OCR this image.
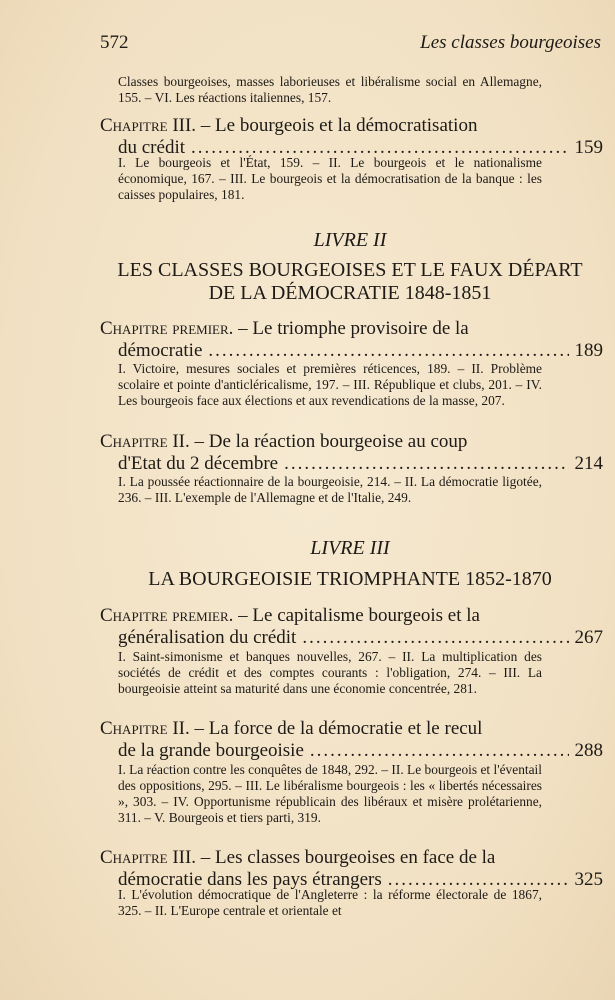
572	Les classes bourgeoises
Classes bourgeoises, masses laborieuses et libéralisme social en Allemagne, 155. – VI. Les réactions italiennes, 157.
Chapitre III. – Le bourgeois et la démocratisation
du crédit .....	159
I. Le bourgeois et l'État, 159. – II. Le bourgeois et le nationalisme économique, 167. – III. Le bourgeois et la démocratisation de la banque : les caisses populaires, 181.
LIVRE II
LES CLASSES BOURGEOISES ET LE FAUX DÉPART
DE LA DÉMOCRATIE 1848-1851
Chapitre premier. – Le triomphe provisoire de la
démocratie .....	189
I. Victoire, mesures sociales et premières réticences, 189. – II. Problème scolaire et pointe d'anticléricalisme, 197. – III. République et clubs, 201. – IV. Les bourgeois face aux élections et aux revendications de la masse, 207.
Chapitre II. – De la réaction bourgeoise au coup
d'Etat du 2 décembre .....	214
I. La poussée réactionnaire de la bourgeoisie, 214. – II. La démocratie ligotée, 236. – III. L'exemple de l'Allemagne et de l'Italie, 249.
LIVRE III
LA BOURGEOISIE TRIOMPHANTE 1852-1870
Chapitre premier. – Le capitalisme bourgeois et la
généralisation du crédit .....	267
I. Saint-simonisme et banques nouvelles, 267. – II. La multiplication des sociétés de crédit et des comptes courants : l'obligation, 274. – III. La bourgeoisie atteint sa maturité dans une économie concentrée, 281.
Chapitre II. – La force de la démocratie et le recul
de la grande bourgeoisie .....	288
I. La réaction contre les conquêtes de 1848, 292. – II. Le bourgeois et l'éventail des oppositions, 295. – III. Le libéralisme bourgeois : les « libertés nécessaires », 303. – IV. Opportunisme républicain des libéraux et misère prolétarienne, 311. – V. Bourgeois et tiers parti, 319.
Chapitre III. – Les classes bourgeoises en face de la
démocratie dans les pays étrangers .....	325
I. L'évolution démocratique de l'Angleterre : la réforme électorale de 1867, 325. – II. L'Europe centrale et orientale et
